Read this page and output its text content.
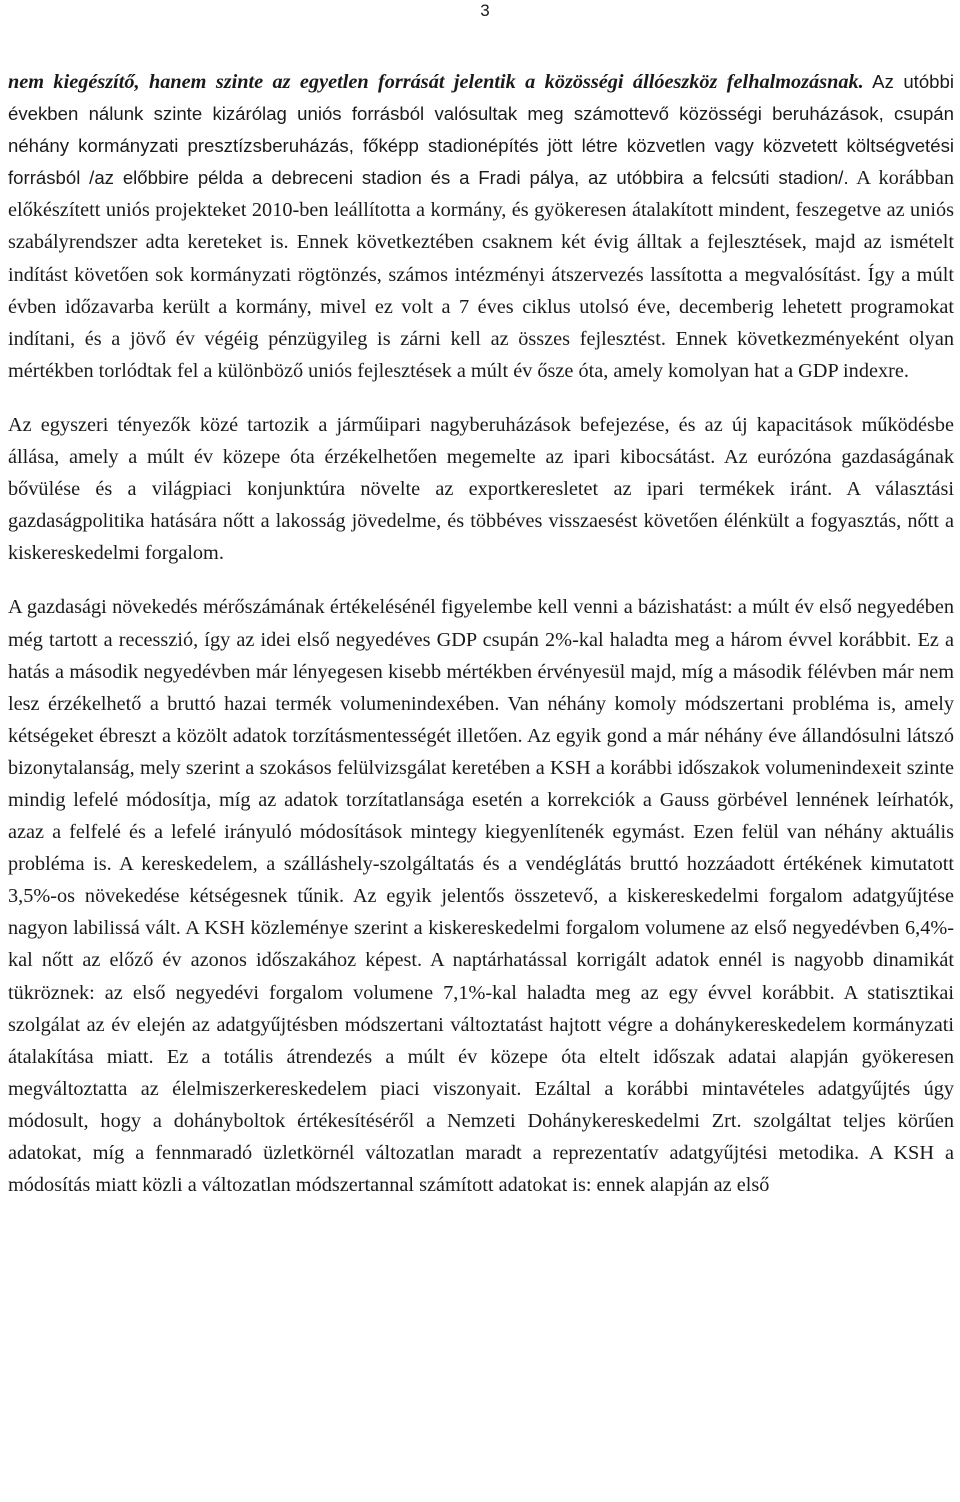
3

nem kiegészítő, hanem szinte az egyetlen forrását jelentik a közösségi állóeszköz felhalmozásnak. Az utóbbi években nálunk szinte kizárólag uniós forrásból valósultak meg számottevő közösségi beruházások, csupán néhány kormányzati presztízsberuházás, főképp stadionépítés jött létre közvetlen vagy közvetett költségvetési forrásból /az előbbire példa a debreceni stadion és a Fradi pálya, az utóbbira a felcsúti stadion/. A korábban előkészített uniós projekteket 2010-ben leállította a kormány, és gyökeresen átalakított mindent, feszegetve az uniós szabályrendszer adta kereteket is. Ennek következtében csaknem két évig álltak a fejlesztések, majd az ismételt indítást követően sok kormányzati rögtönzés, számos intézményi átszervezés lassította a megvalósítást. Így a múlt évben időzavarba került a kormány, mivel ez volt a 7 éves ciklus utolsó éve, decemberig lehetett programokat indítani, és a jövő év végéig pénzügyileg is zárni kell az összes fejlesztést. Ennek következményeként olyan mértékben torlódtak fel a különböző uniós fejlesztések a múlt év ősze óta, amely komolyan hat a GDP indexre.

Az egyszeri tényezők közé tartozik a járműipari nagyberuházások befejezése, és az új kapacitások működésbe állása, amely a múlt év közepe óta érzékelhetően megemelte az ipari kibocsátást. Az eurózóna gazdaságának bővülése és a világpiaci konjunktúra növelte az exportkeresletet az ipari termékek iránt. A választási gazdaságpolitika hatására nőtt a lakosság jövedelme, és többéves visszaesést követően élénkült a fogyasztás, nőtt a kiskereskedelmi forgalom.

A gazdasági növekedés mérőszámának értékelésénél figyelembe kell venni a bázishatást: a múlt év első negyedében még tartott a recesszió, így az idei első negyedéves GDP csupán 2%-kal haladta meg a három évvel korábbit. Ez a hatás a második negyedévben már lényegesen kisebb mértékben érvényesül majd, míg a második félévben már nem lesz érzékelhető a bruttó hazai termék volumenindexében. Van néhány komoly módszertani probléma is, amely kétségeket ébreszt a közölt adatok torzításmentességét illetően. Az egyik gond a már néhány éve állandósulni látszó bizonytalanság, mely szerint a szokásos felülvizsgálat keretében a KSH a korábbi időszakok volumenindexeit szinte mindig lefelé módosítja, míg az adatok torzítatlansága esetén a korrekciók a Gauss görbével lennének leírhatók, azaz a felfelé és a lefelé irányuló módosítások mintegy kiegyenlítenék egymást. Ezen felül van néhány aktuális probléma is. A kereskedelem, a szálláshely-szolgáltatás és a vendéglátás bruttó hozzáadott értékének kimutatott 3,5%-os növekedése kétségesnek tűnik. Az egyik jelentős összetevő, a kiskereskedelmi forgalom adatgyűjtése nagyon labilissá vált. A KSH közleménye szerint a kiskereskedelmi forgalom volumene az első negyedévben 6,4%-kal nőtt az előző év azonos időszakához képest. A naptárhatással korrigált adatok ennél is nagyobb dinamikát tükröznek: az első negyedévi forgalom volumene 7,1%-kal haladta meg az egy évvel korábbit. A statisztikai szolgálat az év elején az adatgyűjtésben módszertani változtatást hajtott végre a dohánykereskedelem kormányzati átalakítása miatt. Ez a totális átrendezés a múlt év közepe óta eltelt időszak adatai alapján gyökeresen megváltoztatta az élelmiszerkereskedelem piaci viszonyait. Ezáltal a korábbi mintavételes adatgyűjtés úgy módosult, hogy a dohányboltok értékesítéséről a Nemzeti Dohánykereskedelmi Zrt. szolgáltat teljes körűen adatokat, míg a fennmaradó üzletkörnél változatlan maradt a reprezentatív adatgyűjtési metodika. A KSH a módosítás miatt közli a változatlan módszertannal számított adatokat is: ennek alapján az első
